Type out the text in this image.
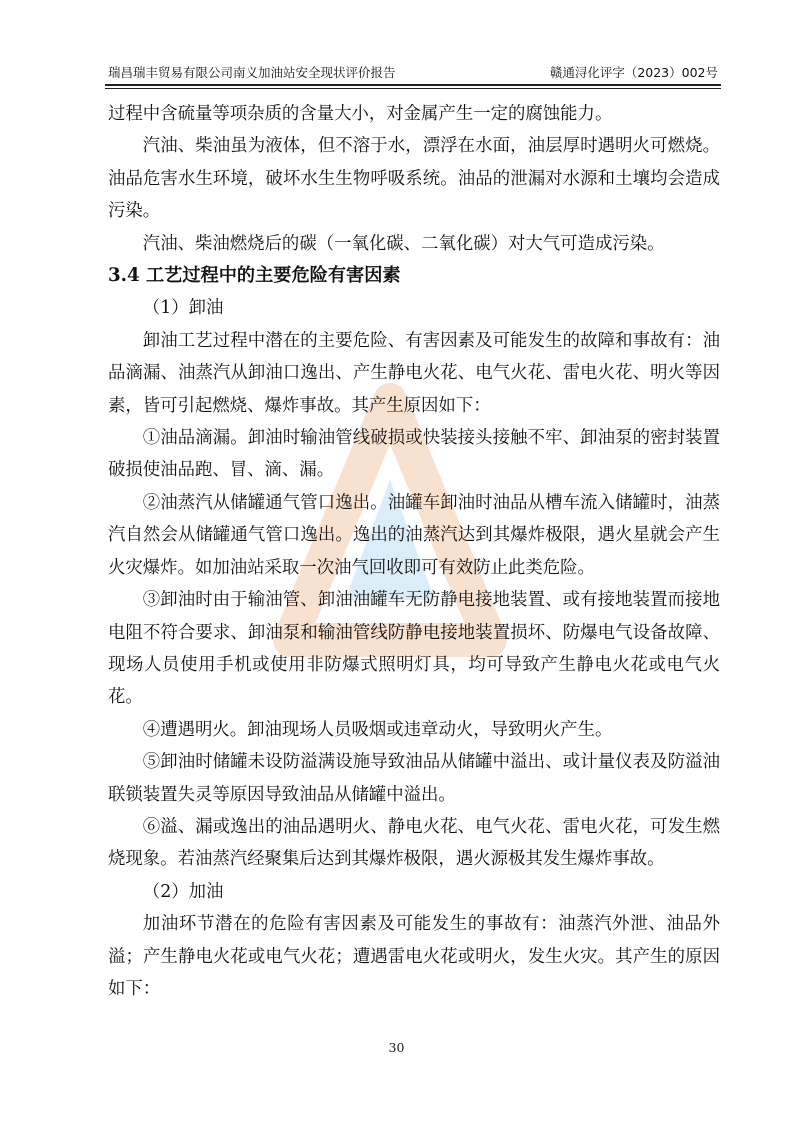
瑞昌瑞丰贸易有限公司南义加油站安全现状评价报告	赣通浔化评字（2023）002号

过程中含硫量等项杂质的含量大小，对金属产生一定的腐蚀能力。

汽油、柴油虽为液体，但不溶于水，漂浮在水面，油层厚时遇明火可燃烧。油品危害水生环境，破坏水生生物呼吸系统。油品的泄漏对水源和土壤均会造成污染。

汽油、柴油燃烧后的碳（一氧化碳、二氧化碳）对大气可造成污染。

3.4 工艺过程中的主要危险有害因素

（1）卸油

卸油工艺过程中潜在的主要危险、有害因素及可能发生的故障和事故有：油品滴漏、油蒸汽从卸油口逸出、产生静电火花、电气火花、雷电火花、明火等因素，皆可引起燃烧、爆炸事故。其产生原因如下：

①油品滴漏。卸油时输油管线破损或快装接头接触不牢、卸油泵的密封装置破损使油品跑、冒、滴、漏。

②油蒸汽从储罐通气管口逸出。油罐车卸油时油品从槽车流入储罐时，油蒸汽自然会从储罐通气管口逸出。逸出的油蒸汽达到其爆炸极限，遇火星就会产生火灾爆炸。如加油站采取一次油气回收即可有效防止此类危险。

③卸油时由于输油管、卸油油罐车无防静电接地装置、或有接地装置而接地电阻不符合要求、卸油泵和输油管线防静电接地装置损坏、防爆电气设备故障、现场人员使用手机或使用非防爆式照明灯具，均可导致产生静电火花或电气火花。

④遭遇明火。卸油现场人员吸烟或违章动火，导致明火产生。

⑤卸油时储罐未设防溢满设施导致油品从储罐中溢出、或计量仪表及防溢油联锁装置失灵等原因导致油品从储罐中溢出。

⑥溢、漏或逸出的油品遇明火、静电火花、电气火花、雷电火花，可发生燃烧现象。若油蒸汽经聚集后达到其爆炸极限，遇火源极其发生爆炸事故。

（2）加油

加油环节潜在的危险有害因素及可能发生的事故有：油蒸汽外泄、油品外溢；产生静电火花或电气火花；遭遇雷电火花或明火，发生火灾。其产生的原因如下：

30
